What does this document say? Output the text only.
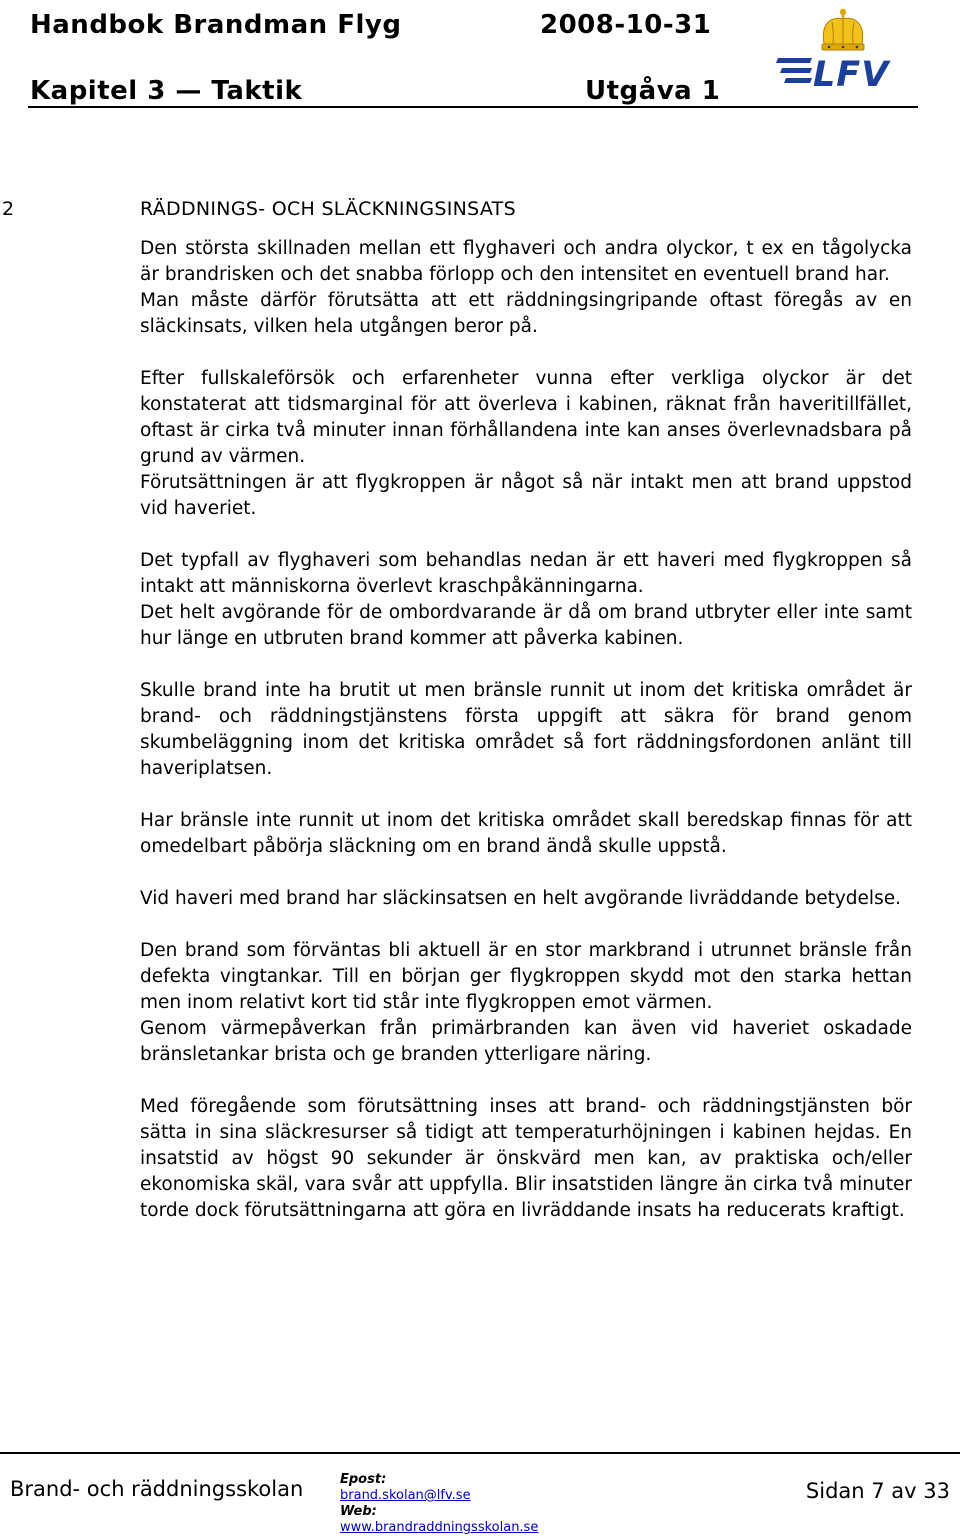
Handbok Brandman Flyg	2008-10-31
Kapitel 3 — Taktik	Utgåva 1	LFV
2	RÄDDNINGS- OCH SLÄCKNINGSINSATS
Den största skillnaden mellan ett flyghaveri och andra olyckor, t ex en tågolycka är brandrisken och det snabba förlopp och den intensitet en eventuell brand har.
Man måste därför förutsätta att ett räddningsingripande oftast föregås av en släckinsats, vilken hela utgången beror på.
Efter fullskaleförsök och erfarenheter vunna efter verkliga olyckor är det konstaterat att tidsmarginal för att överleva i kabinen, räknat från haveritillfället, oftast är cirka två minuter innan förhållandena inte kan anses överlevnadsbara på grund av värmen.
Förutsättningen är att flygkroppen är något så när intakt men att brand uppstod vid haveriet.
Det typfall av flyghaveri som behandlas nedan är ett haveri med flygkroppen så intakt att människorna överlevt kraschpåkänningarna.
Det helt avgörande för de ombordvarande är då om brand utbryter eller inte samt hur länge en utbruten brand kommer att påverka kabinen.
Skulle brand inte ha brutit ut men bränsle runnit ut inom det kritiska området är brand- och räddningstjänstens första uppgift att säkra för brand genom skumbeläggning inom det kritiska området så fort räddningsfordonen anlänt till haveriplatsen.
Har bränsle inte runnit ut inom det kritiska området skall beredskap finnas för att omedelbart påbörja släckning om en brand ändå skulle uppstå.
Vid haveri med brand har släckinsatsen en helt avgörande livräddande betydelse.
Den brand som förväntas bli aktuell är en stor markbrand i utrunnet bränsle från defekta vingtankar. Till en början ger flygkroppen skydd mot den starka hettan men inom relativt kort tid står inte flygkroppen emot värmen.
Genom värmepåverkan från primärbranden kan även vid haveriet oskadade bränsletankar brista och ge branden ytterligare näring.
Med föregående som förutsättning inses att brand- och räddningstjänsten bör sätta in sina släckresurser så tidigt att temperaturhöjningen i kabinen hejdas. En insatstid av högst 90 sekunder är önskvärd men kan, av praktiska och/eller ekonomiska skäl, vara svår att uppfylla. Blir insatstiden längre än cirka två minuter torde dock förutsättningarna att göra en livräddande insats ha reducerats kraftigt.
Brand- och räddningsskolan	Epost:
brand.skolan@lfv.se
Web:
www.brandraddningsskolan.se
Sidan 7 av 33
